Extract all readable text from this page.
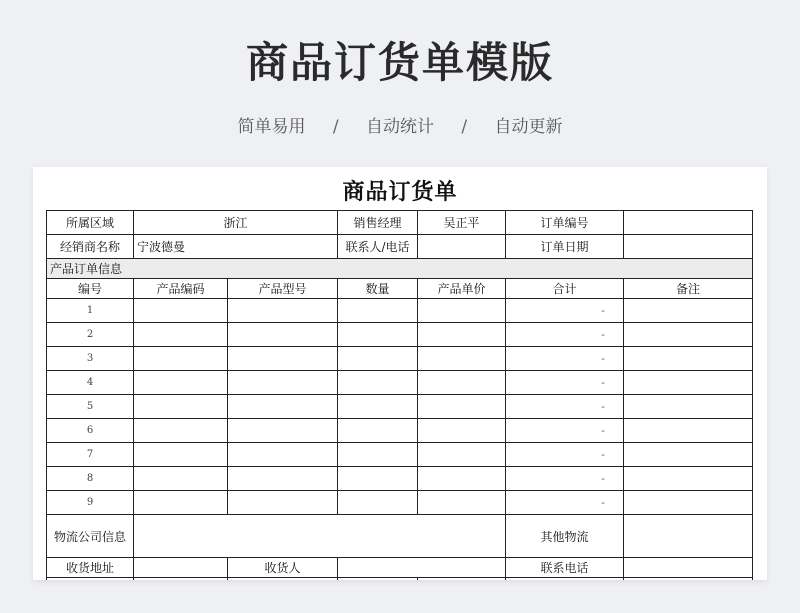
商品订货单模版
简单易用 / 自动统计 / 自动更新
商品订货单
所属区域	浙江		销售经理	吴正平	订单编号	
经销商名称	宁波德曼		联系人/电话		订单日期	
产品订单信息						
编号	产品编码	产品型号	数量	产品单价	合计	备注
1					-	
2					-	
3					-	
4					-	
5					-	
6					-	
7					-	
8					-	
9					-	
物流公司信息					其他物流	
收货地址		收货人			联系电话	
